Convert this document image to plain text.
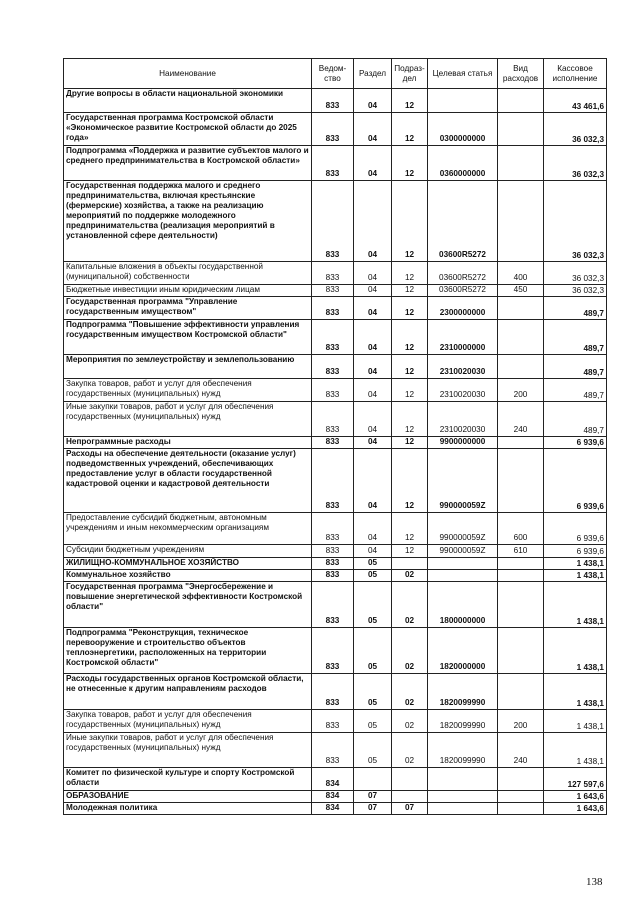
Наименование	Ведом-ство	Раздел	Подраз-дел	Целевая статья	Вид расходов	Кассовое исполнение
Другие вопросы в области национальной экономики	833	04	12			43 461,6
Государственная программа Костромской области «Экономическое развитие Костромской области до 2025 года»	833	04	12	0300000000		36 032,3
Подпрограмма «Поддержка и развитие субъектов малого и среднего предпринимательства в Костромской области»	833	04	12	0360000000		36 032,3
Государственная поддержка малого и среднего предпринимательства, включая крестьянские (фермерские) хозяйства, а также на реализацию мероприятий по поддержке молодежного предпринимательства (реализация мероприятий в установленной сфере деятельности)	833	04	12	03600R5272		36 032,3
Капитальные вложения в объекты государственной (муниципальной) собственности	833	04	12	03600R5272	400	36 032,3
Бюджетные инвестиции иным юридическим лицам	833	04	12	03600R5272	450	36 032,3
Государственная программа "Управление государственным имуществом"	833	04	12	2300000000		489,7
Подпрограмма "Повышение эффективности управления государственным имуществом Костромской области"	833	04	12	2310000000		489,7
Мероприятия по землеустройству и землепользованию	833	04	12	2310020030		489,7
Закупка товаров, работ и услуг для обеспечения государственных (муниципальных) нужд	833	04	12	2310020030	200	489,7
Иные закупки товаров, работ и услуг для обеспечения государственных (муниципальных) нужд	833	04	12	2310020030	240	489,7
Непрограммные расходы	833	04	12	9900000000		6 939,6
Расходы на обеспечение деятельности (оказание услуг) подведомственных учреждений, обеспечивающих предоставление услуг в области государственной кадастровой оценки и кадастровой деятельности	833	04	12	990000059Z		6 939,6
Предоставление субсидий бюджетным, автономным учреждениям и иным некоммерческим организациям	833	04	12	990000059Z	600	6 939,6
Субсидии бюджетным учреждениям	833	04	12	990000059Z	610	6 939,6
ЖИЛИЩНО-КОММУНАЛЬНОЕ ХОЗЯЙСТВО	833	05				1 438,1
Коммунальное хозяйство	833	05	02			1 438,1
Государственная программа "Энергосбережение и повышение энергетической эффективности Костромской области"	833	05	02	1800000000		1 438,1
Подпрограмма "Реконструкция, техническое перевооружение и строительство объектов теплоэнергетики, расположенных на территории Костромской области"	833	05	02	1820000000		1 438,1
Расходы государственных органов Костромской области, не отнесенные к другим направлениям расходов	833	05	02	1820099990		1 438,1
Закупка товаров, работ и услуг для обеспечения государственных (муниципальных) нужд	833	05	02	1820099990	200	1 438,1
Иные закупки товаров, работ и услуг для обеспечения государственных (муниципальных) нужд	833	05	02	1820099990	240	1 438,1
Комитет по физической культуре и спорту Костромской области	834					127 597,6
ОБРАЗОВАНИЕ	834	07				1 643,6
Молодежная политика	834	07	07			1 643,6
138
